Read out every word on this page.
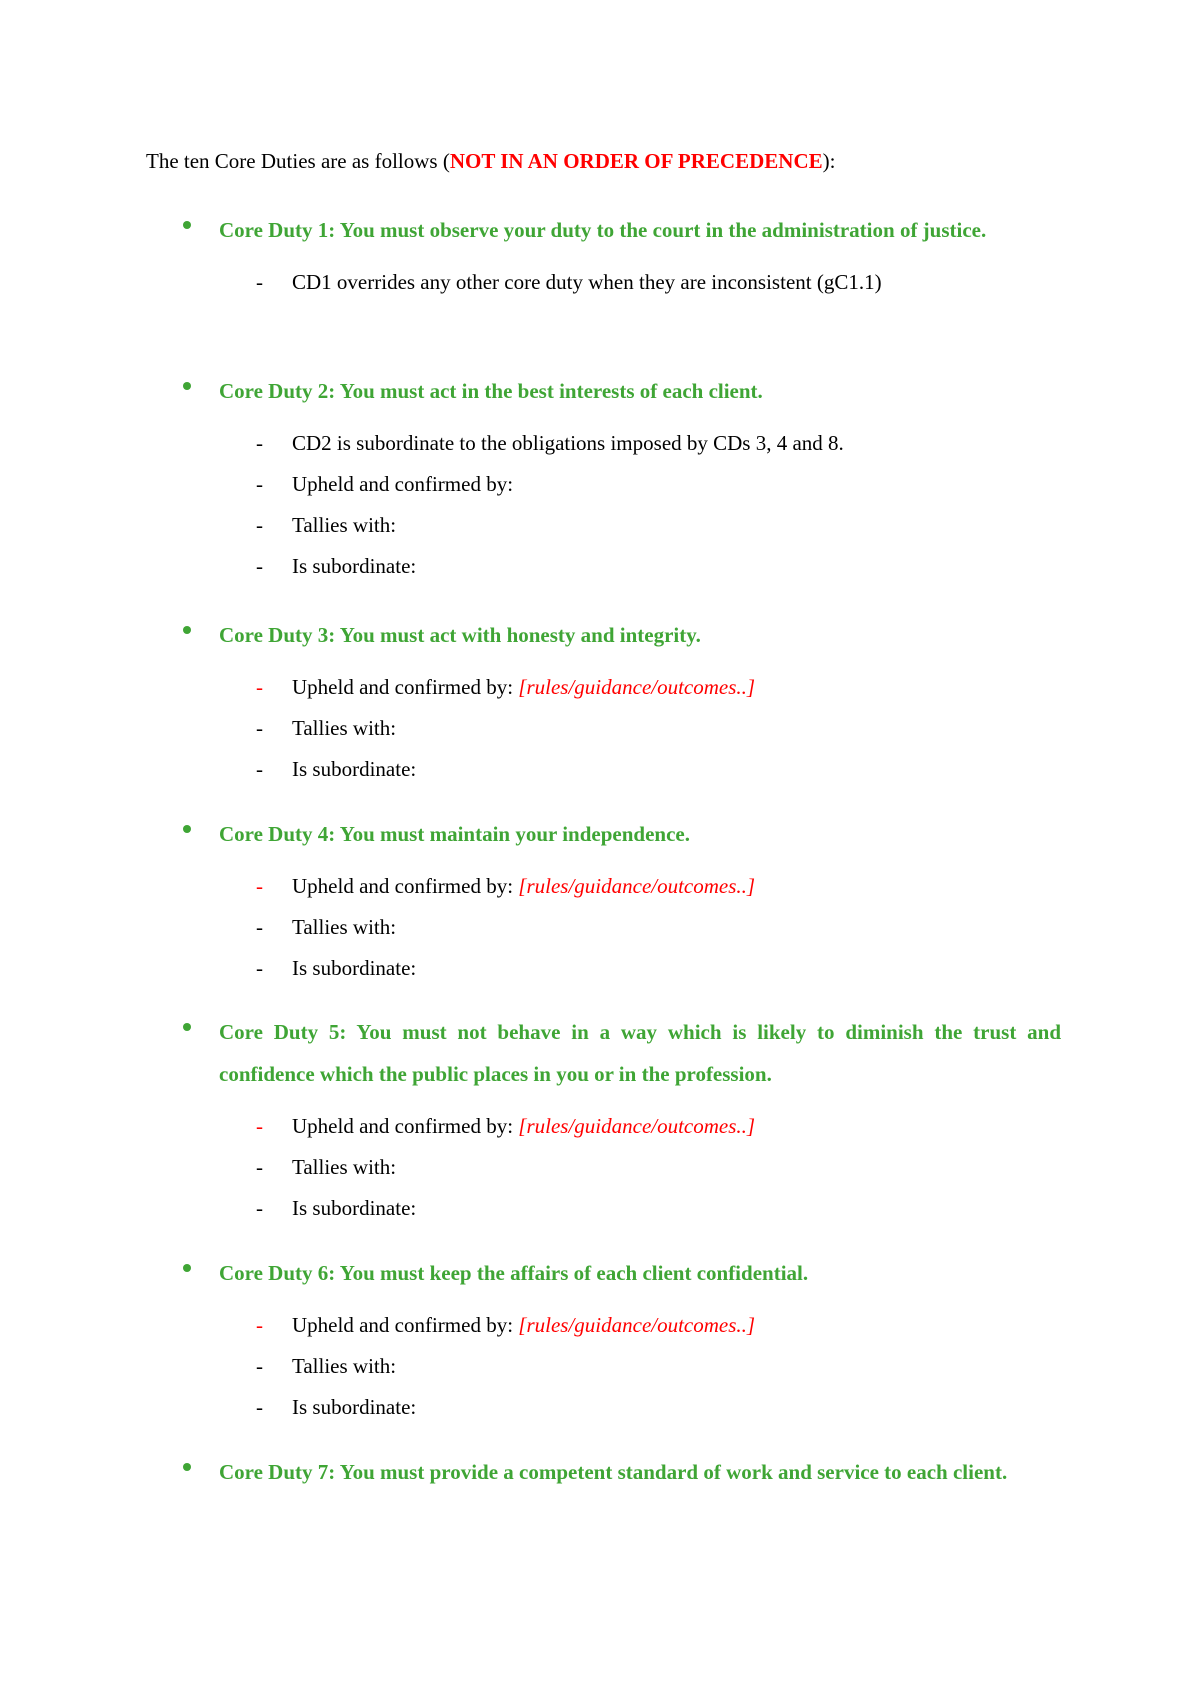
The ten Core Duties are as follows (NOT IN AN ORDER OF PRECEDENCE):

Core Duty 1: You must observe your duty to the court in the administration of justice.

- CD1 overrides any other core duty when they are inconsistent (gC1.1)

Core Duty 2: You must act in the best interests of each client.

- CD2 is subordinate to the obligations imposed by CDs 3, 4 and 8.
- Upheld and confirmed by:
- Tallies with:
- Is subordinate:

Core Duty 3: You must act with honesty and integrity.

- Upheld and confirmed by: [rules/guidance/outcomes..]
- Tallies with:
- Is subordinate:

Core Duty 4: You must maintain your independence.

- Upheld and confirmed by: [rules/guidance/outcomes..]
- Tallies with:
- Is subordinate:

Core Duty 5: You must not behave in a way which is likely to diminish the trust and confidence which the public places in you or in the profession.

- Upheld and confirmed by: [rules/guidance/outcomes..]
- Tallies with:
- Is subordinate:

Core Duty 6: You must keep the affairs of each client confidential.

- Upheld and confirmed by: [rules/guidance/outcomes..]
- Tallies with:
- Is subordinate:

Core Duty 7: You must provide a competent standard of work and service to each client.
